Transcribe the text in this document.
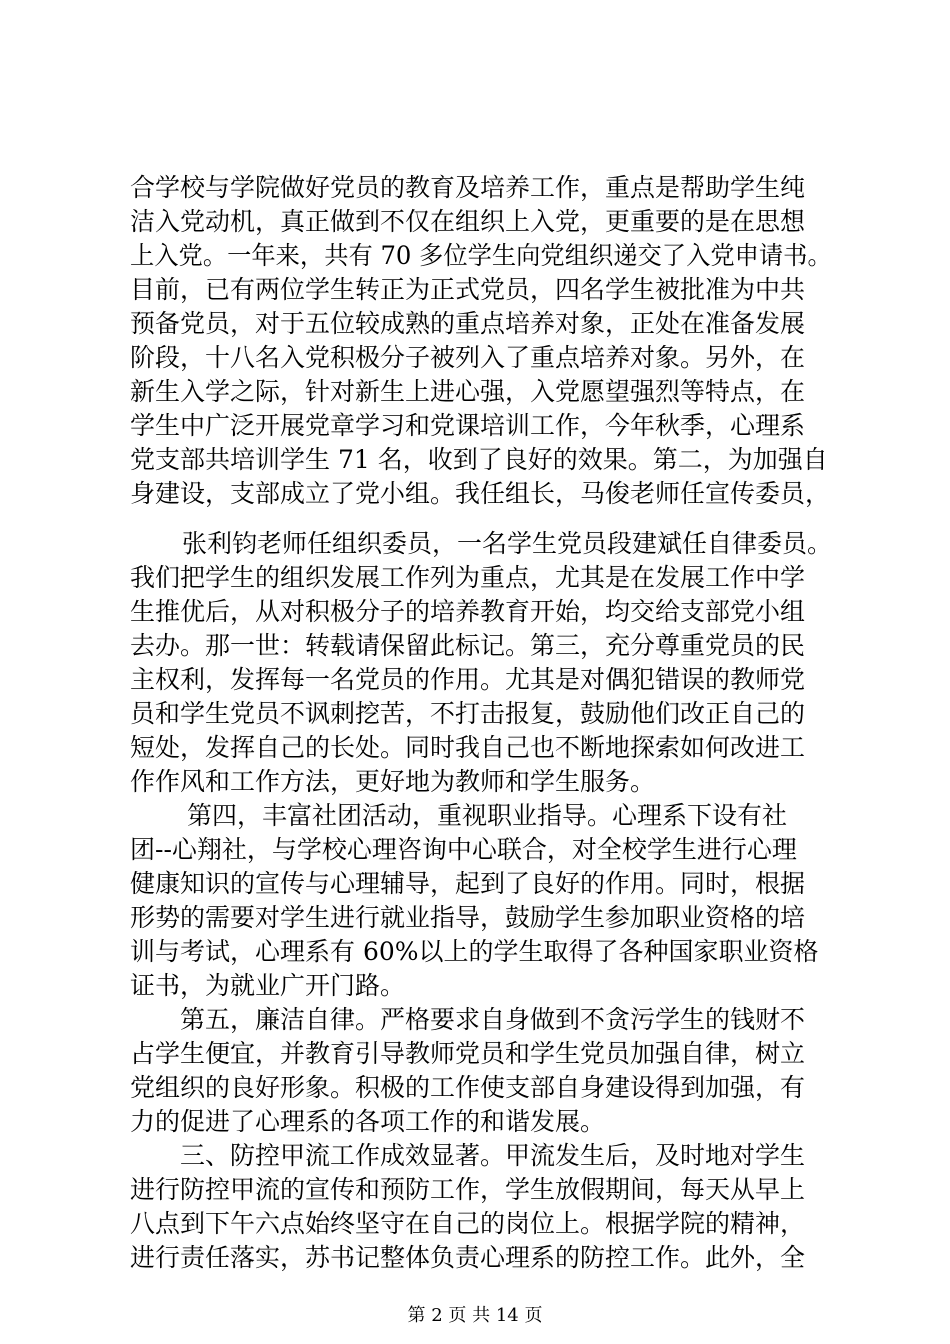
合学校与学院做好党员的教育及培养工作，重点是帮助学生纯

洁入党动机，真正做到不仅在组织上入党，更重要的是在思想

上入党。一年来，共有 70 多位学生向党组织递交了入党申请书。

目前，已有两位学生转正为正式党员，四名学生被批准为中共

预备党员，对于五位较成熟的重点培养对象，正处在准备发展

阶段，十八名入党积极分子被列入了重点培养对象。另外，在

新生入学之际，针对新生上进心强，入党愿望强烈等特点，在

学生中广泛开展党章学习和党课培训工作，今年秋季，心理系

党支部共培训学生 71 名，收到了良好的效果。第二，为加强自

身建设，支部成立了党小组。我任组长，马俊老师任宣传委员，

张利钧老师任组织委员，一名学生党员段建斌任自律委员。

我们把学生的组织发展工作列为重点，尤其是在发展工作中学

生推优后，从对积极分子的培养教育开始，均交给支部党小组

去办。那一世：转载请保留此标记。第三，充分尊重党员的民

主权利，发挥每一名党员的作用。尤其是对偶犯错误的教师党

员和学生党员不讽刺挖苦，不打击报复，鼓励他们改正自己的

短处，发挥自己的长处。同时我自己也不断地探索如何改进工

作作风和工作方法，更好地为教师和学生服务。

第四，丰富社团活动，重视职业指导。心理系下设有社

团--心翔社，与学校心理咨询中心联合，对全校学生进行心理

健康知识的宣传与心理辅导，起到了良好的作用。同时，根据

形势的需要对学生进行就业指导，鼓励学生参加职业资格的培

训与考试，心理系有 60%以上的学生取得了各种国家职业资格

证书，为就业广开门路。

第五，廉洁自律。严格要求自身做到不贪污学生的钱财不

占学生便宜，并教育引导教师党员和学生党员加强自律，树立

党组织的良好形象。积极的工作使支部自身建设得到加强，有

力的促进了心理系的各项工作的和谐发展。

三、防控甲流工作成效显著。甲流发生后，及时地对学生

进行防控甲流的宣传和预防工作，学生放假期间，每天从早上

八点到下午六点始终坚守在自己的岗位上。根据学院的精神，

进行责任落实，苏书记整体负责心理系的防控工作。此外，全

第 2 页 共 14 页
